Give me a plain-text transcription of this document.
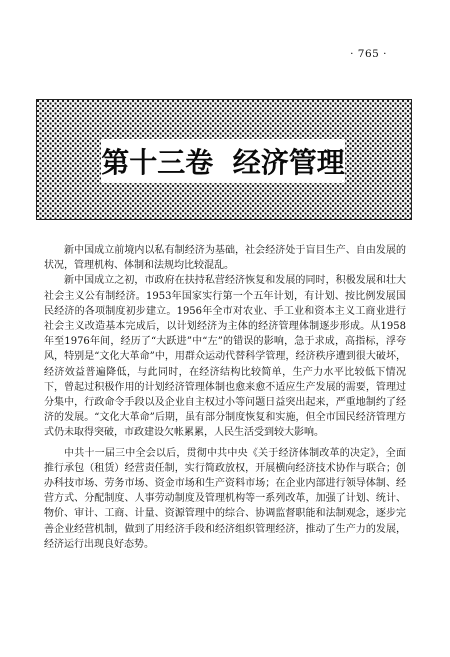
· 765 ·
第十三卷  经济管理

新中国成立前境内以私有制经济为基础，社会经济处于盲目生产、自由发展的状况，管理机构、体制和法规均比较混乱。

新中国成立之初，市政府在扶持私营经济恢复和发展的同时，积极发展和壮大社会主义公有制经济。1953年国家实行第一个五年计划，有计划、按比例发展国民经济的各项制度初步建立。1956年全市对农业、手工业和资本主义工商业进行社会主义改造基本完成后，以计划经济为主体的经济管理体制逐步形成。从1958年至1976年间，经历了“大跃进”中“左”的错误的影响，急于求成，高指标，浮夸风，特别是“文化大革命”中，用群众运动代替科学管理，经济秩序遭到很大破坏，经济效益普遍降低，与此同时，在经济结构比较简单，生产力水平比较低下情况下，曾起过积极作用的计划经济管理体制也愈来愈不适应生产发展的需要，管理过分集中，行政命令手段以及企业自主权过小等问题日益突出起来，严重地制约了经济的发展。“文化大革命”后期，虽有部分制度恢复和实施，但全市国民经济管理方式仍未取得突破，市政建设欠帐累累，人民生活受到较大影响。

中共十一届三中全会以后，贯彻中共中央《关于经济体制改革的决定》，全面推行承包（租赁）经营责任制，实行简政放权，开展横向经济技术协作与联合；创办科技市场、劳务市场、资金市场和生产资料市场；在企业内部进行领导体制、经营方式、分配制度、人事劳动制度及管理机构等一系列改革，加强了计划、统计、物价、审计、工商、计量、资源管理中的综合、协调监督职能和法制观念，逐步完善企业经营机制，做到了用经济手段和经济组织管理经济，推动了生产力的发展，经济运行出现良好态势。
